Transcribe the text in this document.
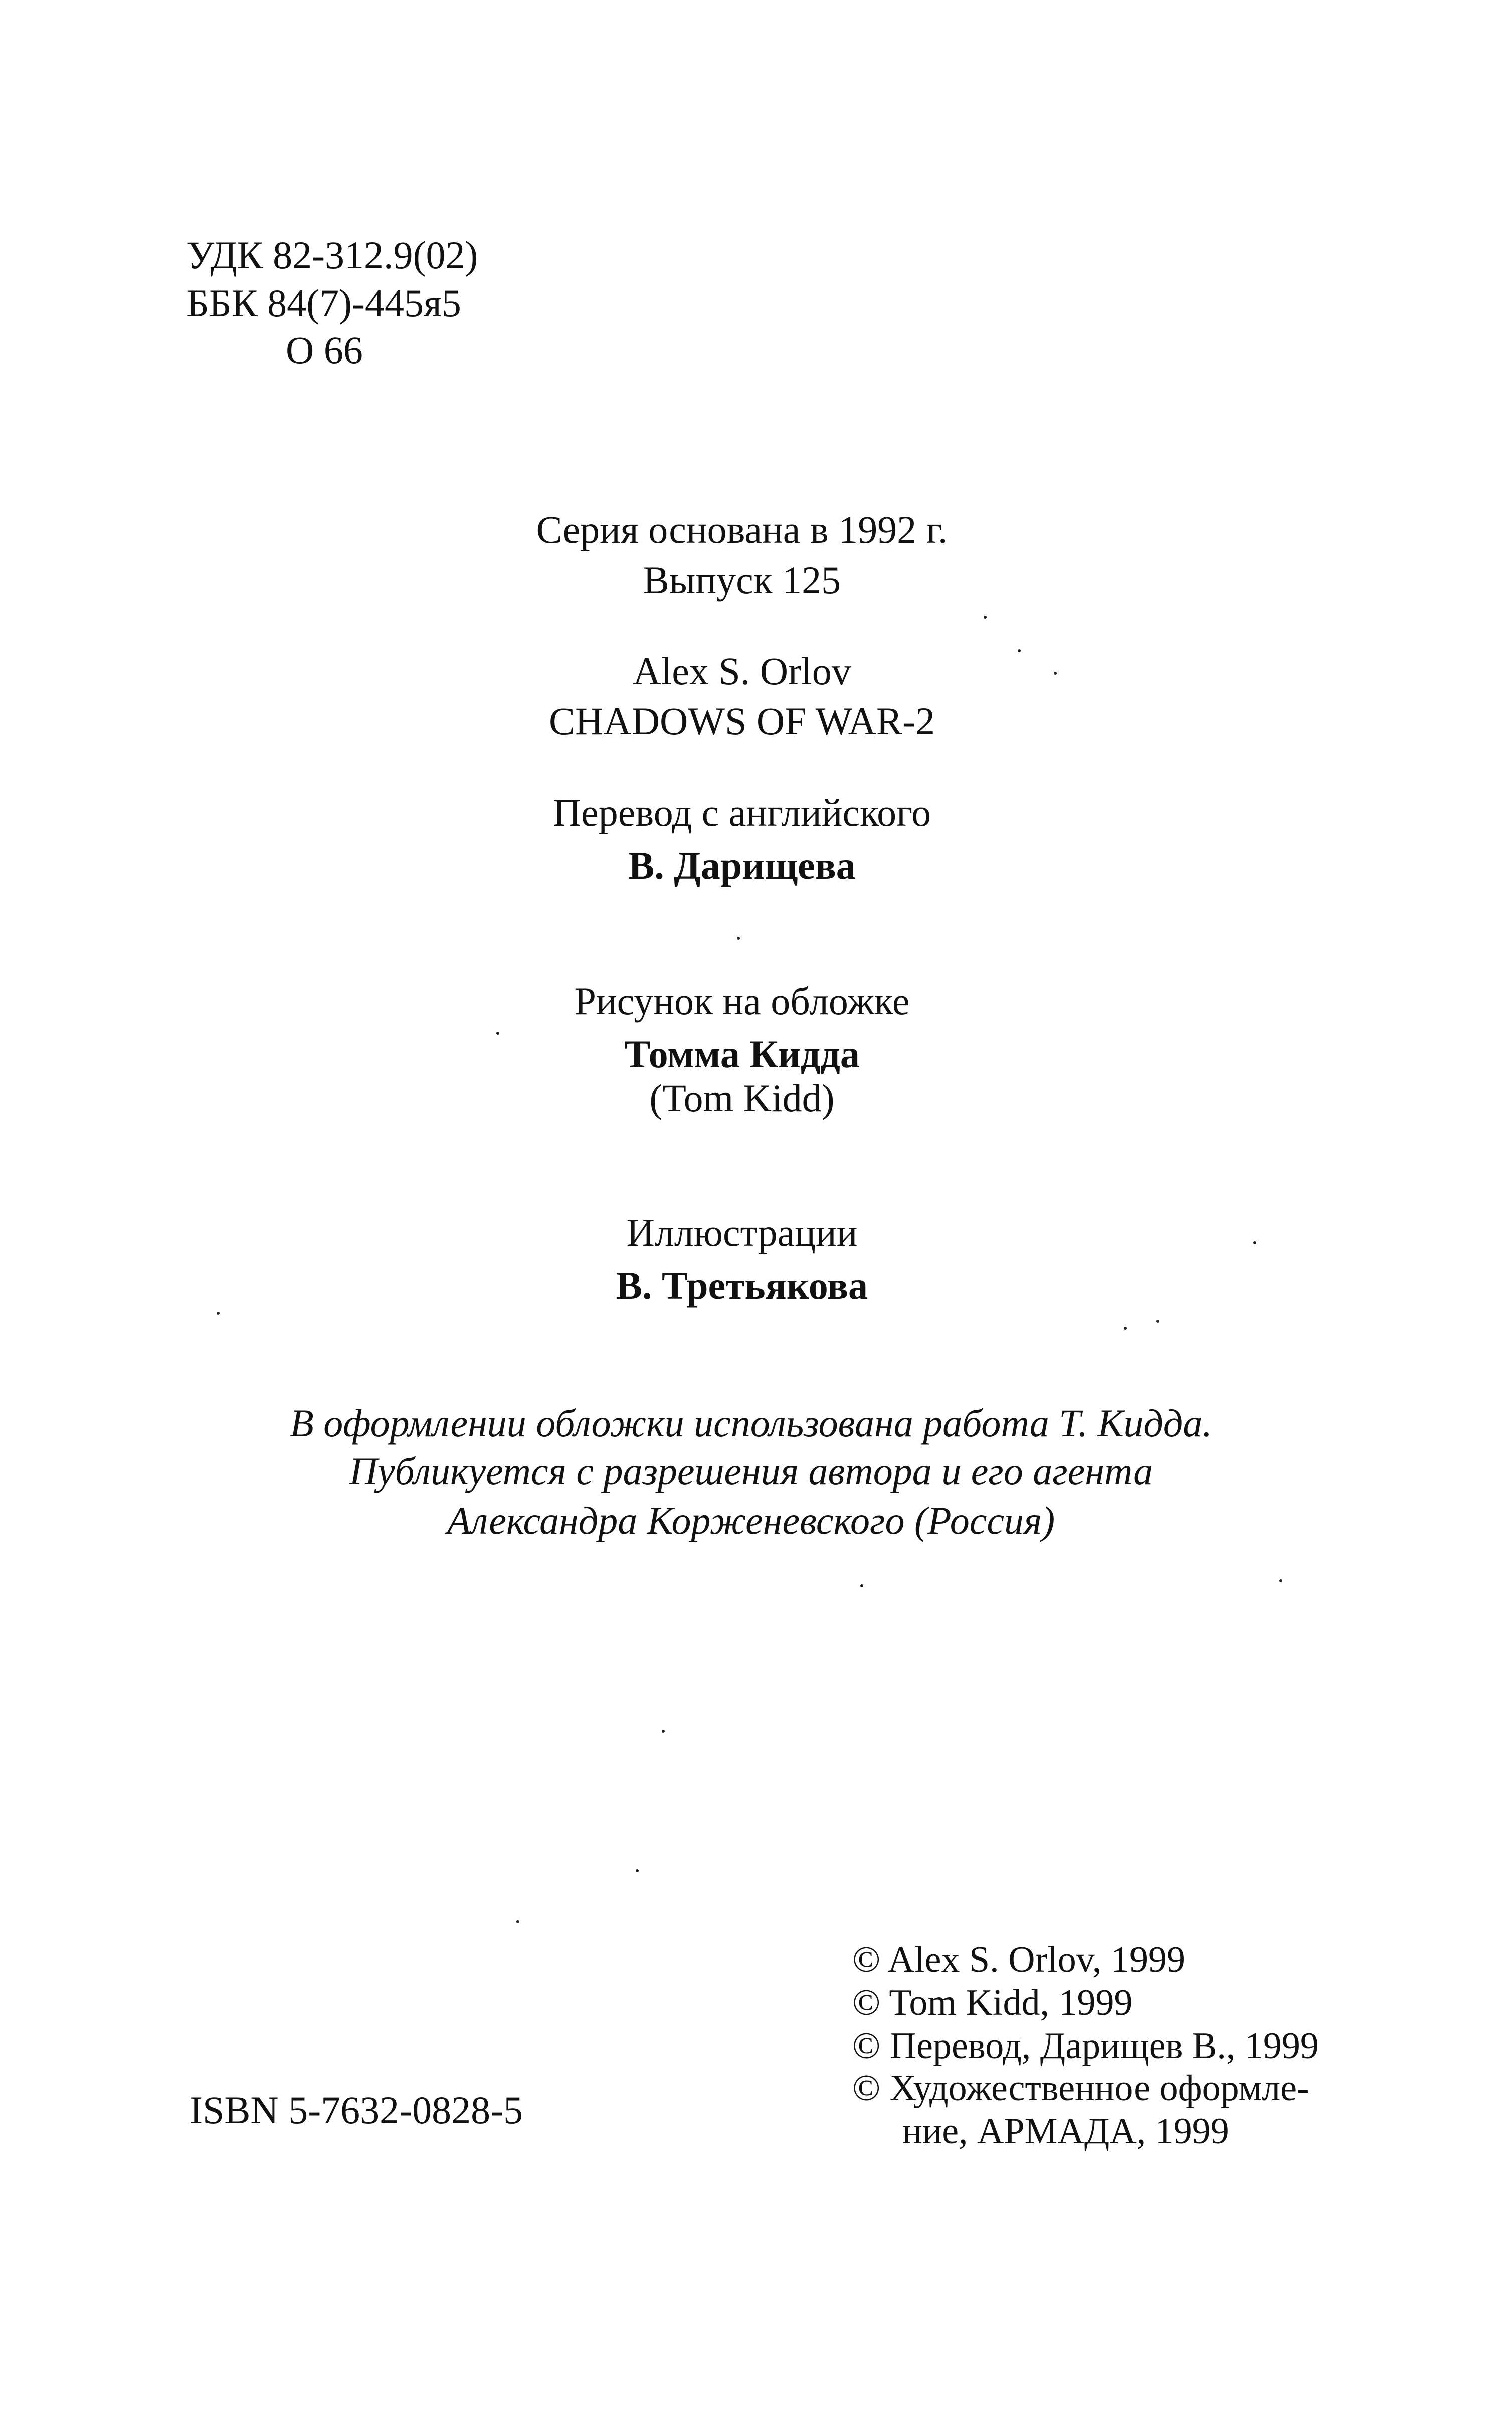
УДК 82-312.9(02)
ББК 84(7)-445я5
О 66
Серия основана в 1992 г.
Выпуск 125
Alex S. Orlov
CHADOWS OF WAR-2
Перевод с английского
В. Дарищева
Рисунок на обложке
Томма Кидда
(Tom Kidd)
Иллюстрации
В. Третьякова
В оформлении обложки использована работа Т. Кидда.
Публикуется с разрешения автора и его агента
Александра Корженевского (Россия)
ISBN 5-7632-0828-5
© Alex S. Orlov, 1999
© Tom Kidd, 1999
© Перевод, Дарищев В., 1999
© Художественное оформле-
ние, АРМАДА, 1999
